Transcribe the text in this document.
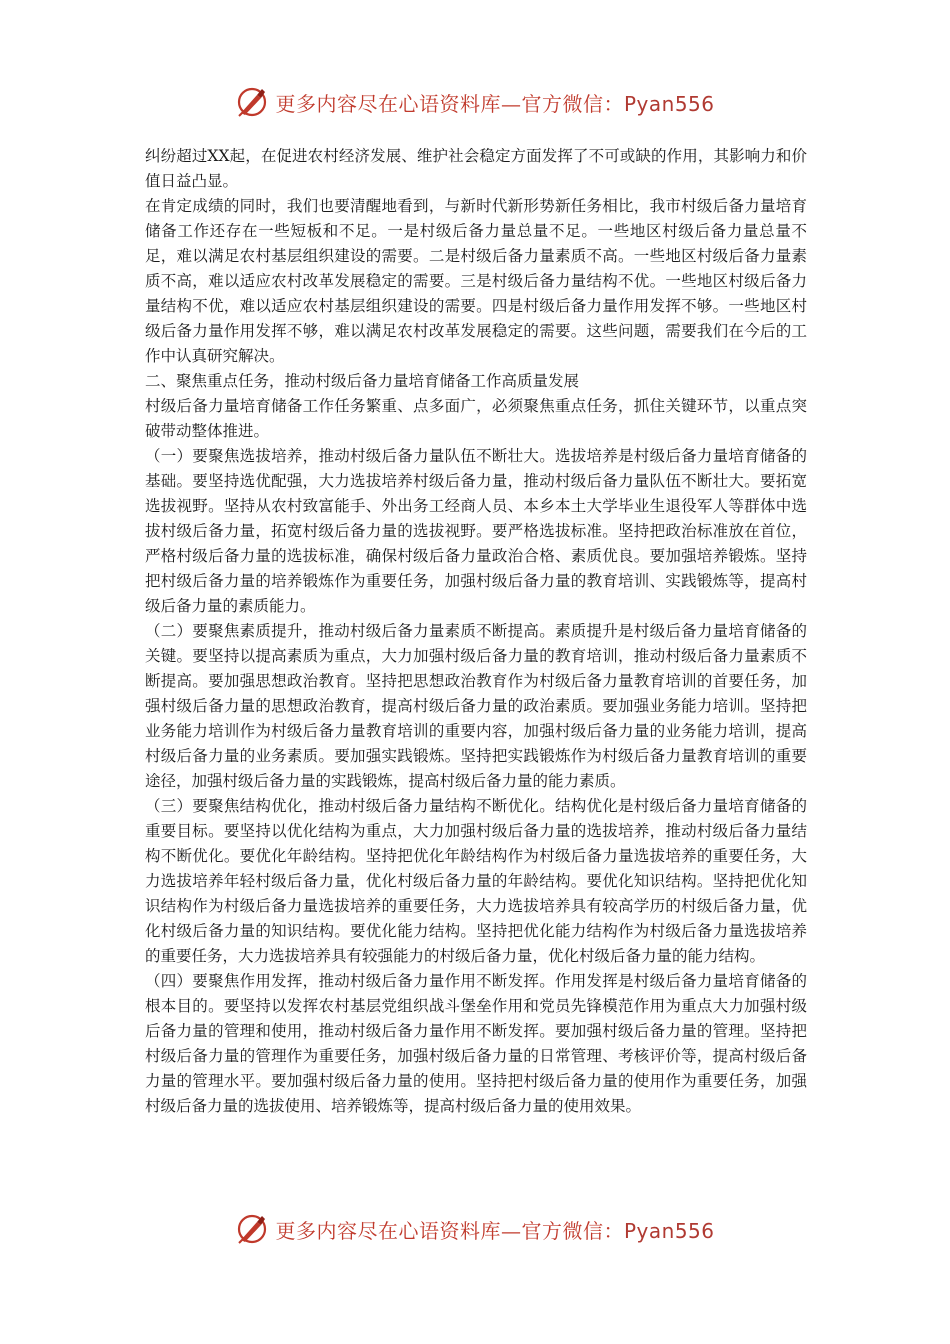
更多内容尽在心语资料库—官方微信：Pyan556

纠纷超过XX起，在促进农村经济发展、维护社会稳定方面发挥了不可或缺的作用，其影响力和价值日益凸显。

在肯定成绩的同时，我们也要清醒地看到，与新时代新形势新任务相比，我市村级后备力量培育储备工作还存在一些短板和不足。一是村级后备力量总量不足。一些地区村级后备力量总量不足，难以满足农村基层组织建设的需要。二是村级后备力量素质不高。一些地区村级后备力量素质不高，难以适应农村改革发展稳定的需要。三是村级后备力量结构不优。一些地区村级后备力量结构不优，难以适应农村基层组织建设的需要。四是村级后备力量作用发挥不够。一些地区村级后备力量作用发挥不够，难以满足农村改革发展稳定的需要。这些问题，需要我们在今后的工作中认真研究解决。

二、聚焦重点任务，推动村级后备力量培育储备工作高质量发展

村级后备力量培育储备工作任务繁重、点多面广，必须聚焦重点任务，抓住关键环节，以重点突破带动整体推进。

（一）要聚焦选拔培养，推动村级后备力量队伍不断壮大。选拔培养是村级后备力量培育储备的基础。要坚持选优配强，大力选拔培养村级后备力量，推动村级后备力量队伍不断壮大。要拓宽选拔视野。坚持从农村致富能手、外出务工经商人员、本乡本土大学毕业生退役军人等群体中选拔村级后备力量，拓宽村级后备力量的选拔视野。要严格选拔标准。坚持把政治标准放在首位，严格村级后备力量的选拔标准，确保村级后备力量政治合格、素质优良。要加强培养锻炼。坚持把村级后备力量的培养锻炼作为重要任务，加强村级后备力量的教育培训、实践锻炼等，提高村级后备力量的素质能力。

（二）要聚焦素质提升，推动村级后备力量素质不断提高。素质提升是村级后备力量培育储备的关键。要坚持以提高素质为重点，大力加强村级后备力量的教育培训，推动村级后备力量素质不断提高。要加强思想政治教育。坚持把思想政治教育作为村级后备力量教育培训的首要任务，加强村级后备力量的思想政治教育，提高村级后备力量的政治素质。要加强业务能力培训。坚持把业务能力培训作为村级后备力量教育培训的重要内容，加强村级后备力量的业务能力培训，提高村级后备力量的业务素质。要加强实践锻炼。坚持把实践锻炼作为村级后备力量教育培训的重要途径，加强村级后备力量的实践锻炼，提高村级后备力量的能力素质。

（三）要聚焦结构优化，推动村级后备力量结构不断优化。结构优化是村级后备力量培育储备的重要目标。要坚持以优化结构为重点，大力加强村级后备力量的选拔培养，推动村级后备力量结构不断优化。要优化年龄结构。坚持把优化年龄结构作为村级后备力量选拔培养的重要任务，大力选拔培养年轻村级后备力量，优化村级后备力量的年龄结构。要优化知识结构。坚持把优化知识结构作为村级后备力量选拔培养的重要任务，大力选拔培养具有较高学历的村级后备力量，优化村级后备力量的知识结构。要优化能力结构。坚持把优化能力结构作为村级后备力量选拔培养的重要任务，大力选拔培养具有较强能力的村级后备力量，优化村级后备力量的能力结构。

（四）要聚焦作用发挥，推动村级后备力量作用不断发挥。作用发挥是村级后备力量培育储备的根本目的。要坚持以发挥农村基层党组织战斗堡垒作用和党员先锋模范作用为重点大力加强村级后备力量的管理和使用，推动村级后备力量作用不断发挥。要加强村级后备力量的管理。坚持把村级后备力量的管理作为重要任务，加强村级后备力量的日常管理、考核评价等，提高村级后备力量的管理水平。要加强村级后备力量的使用。坚持把村级后备力量的使用作为重要任务，加强村级后备力量的选拔使用、培养锻炼等，提高村级后备力量的使用效果。

更多内容尽在心语资料库—官方微信：Pyan556
